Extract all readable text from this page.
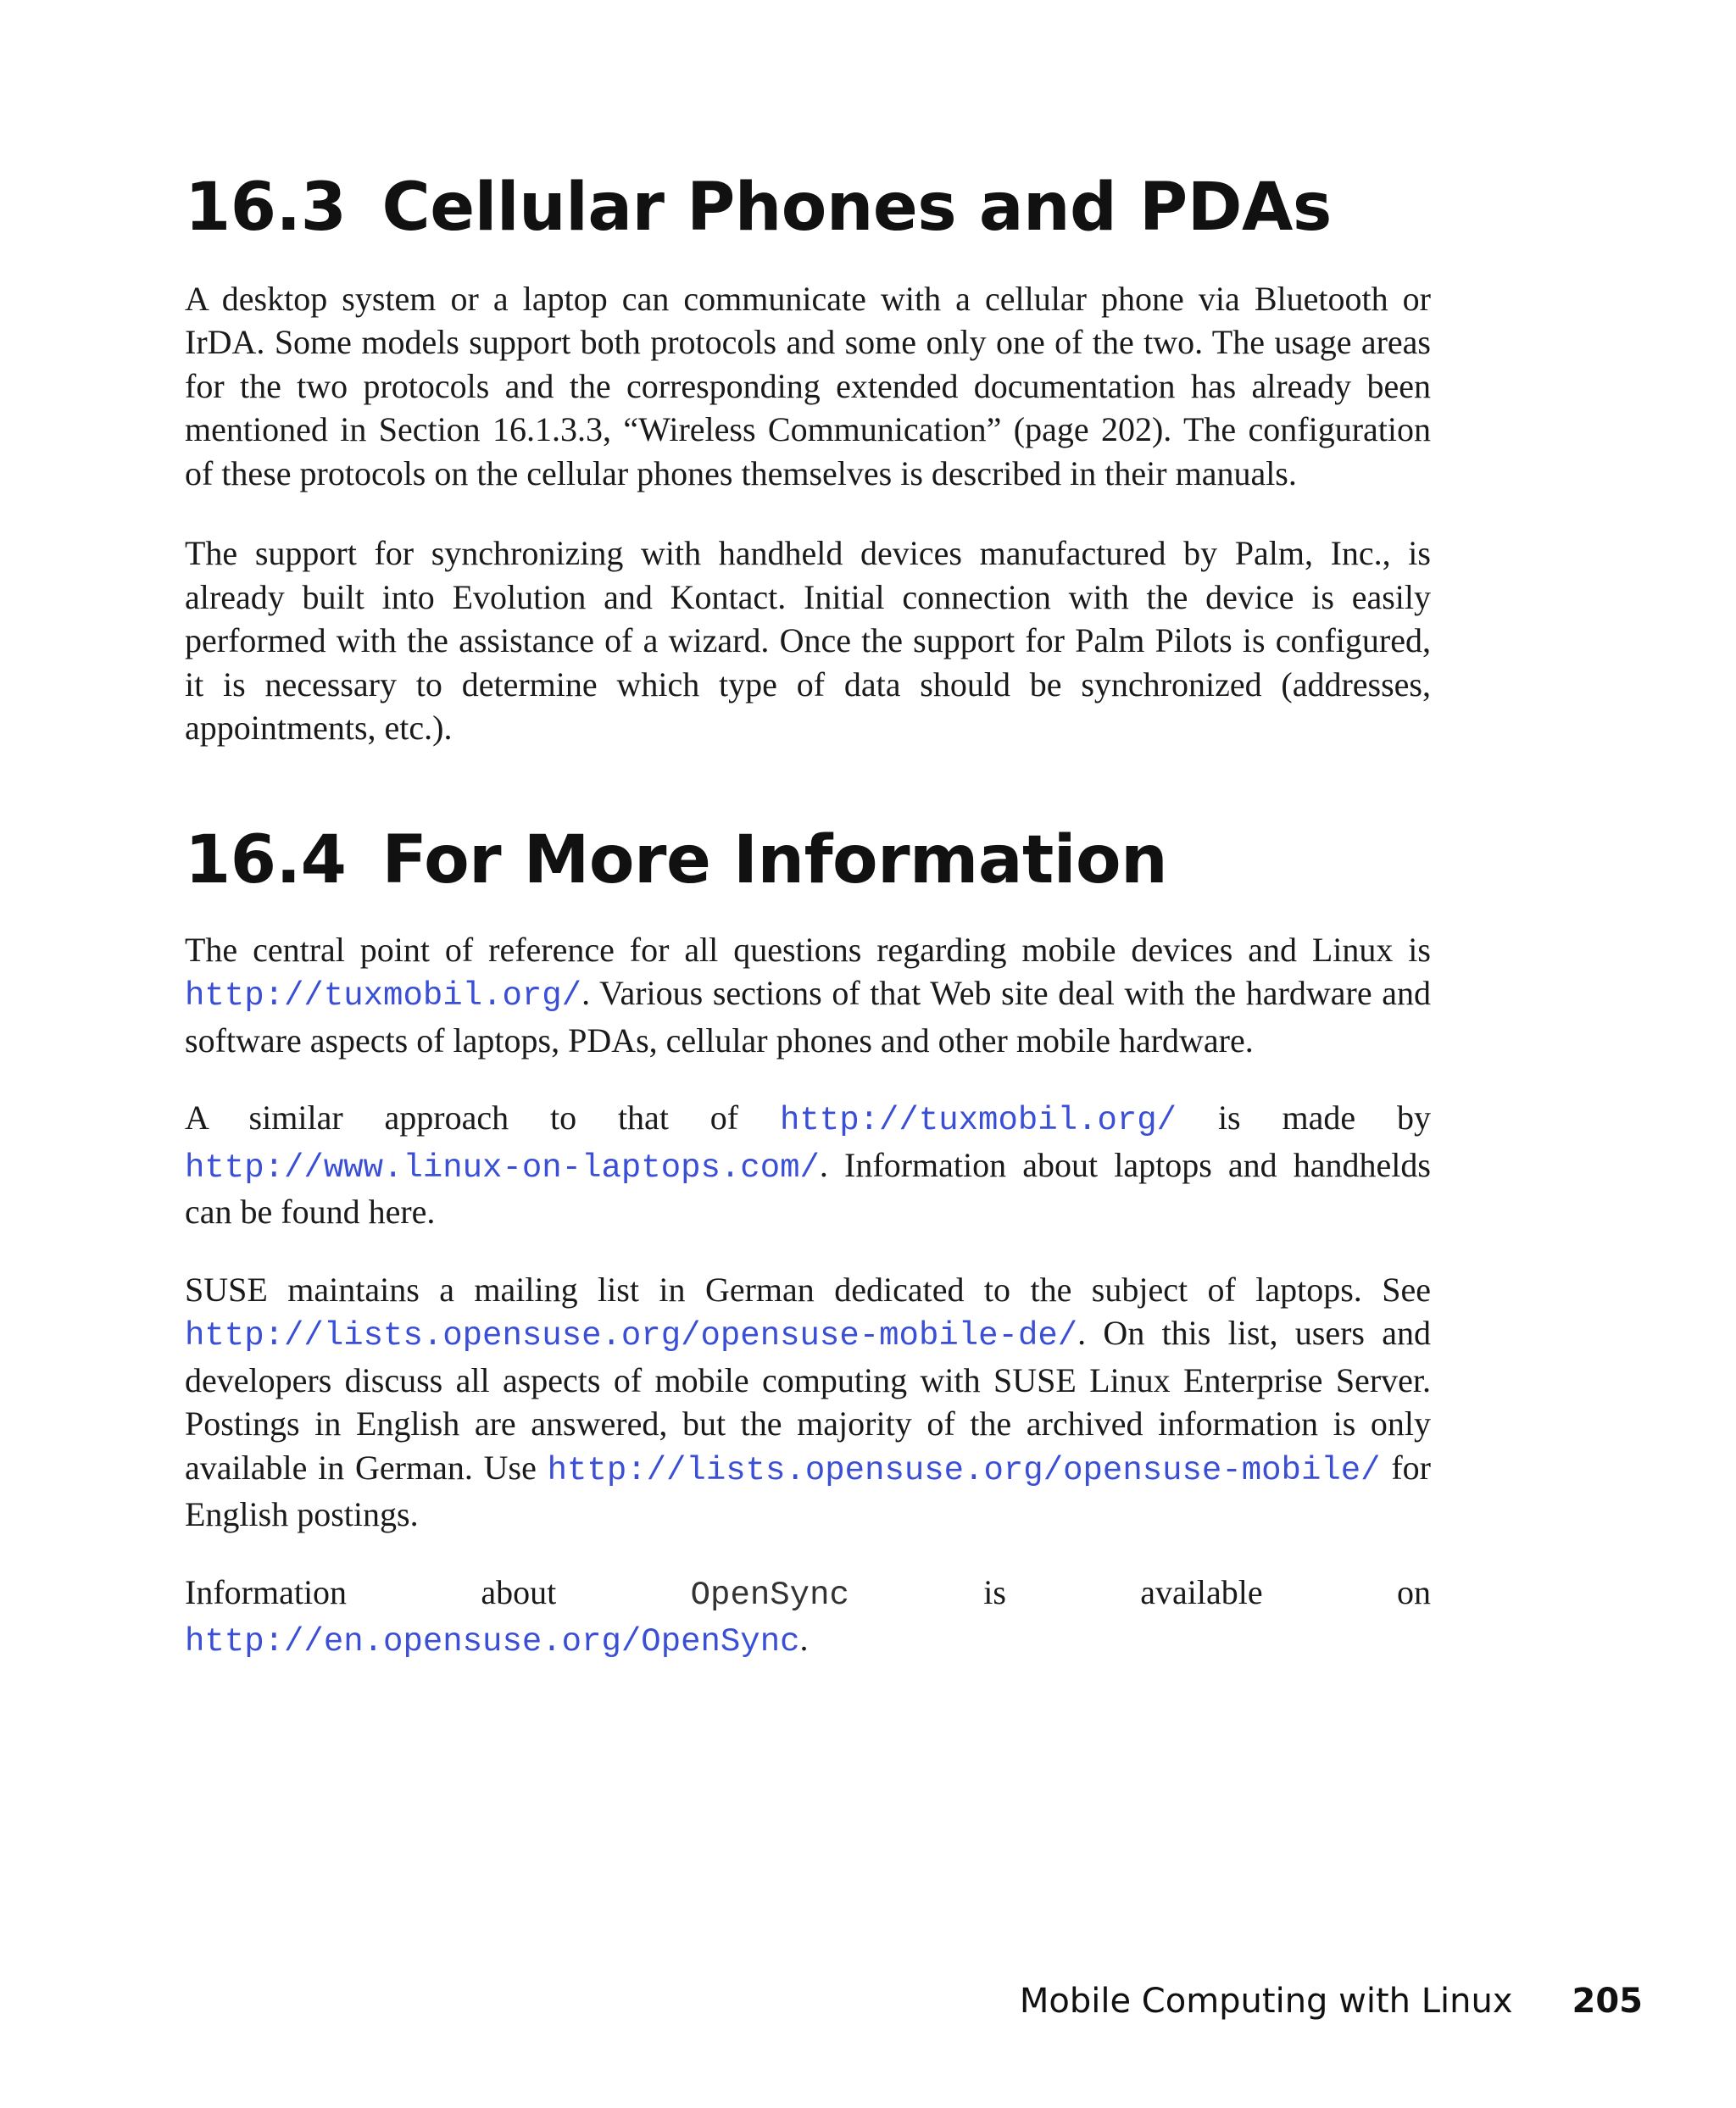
16.3 Cellular Phones and PDAs

A desktop system or a laptop can communicate with a cellular phone via Bluetooth or IrDA. Some models support both protocols and some only one of the two. The usage areas for the two protocols and the corresponding extended documentation has already been mentioned in Section 16.1.3.3, “Wireless Communication” (page 202). The configuration of these protocols on the cellular phones themselves is described in their manuals.

The support for synchronizing with handheld devices manufactured by Palm, Inc., is already built into Evolution and Kontact. Initial connection with the device is easily performed with the assistance of a wizard. Once the support for Palm Pilots is configured, it is necessary to determine which type of data should be synchronized (addresses, appointments, etc.).

16.4 For More Information

The central point of reference for all questions regarding mobile devices and Linux is http://tuxmobil.org/. Various sections of that Web site deal with the hardware and software aspects of laptops, PDAs, cellular phones and other mobile hardware.

A similar approach to that of http://tuxmobil.org/ is made by http://www.linux-on-laptops.com/. Information about laptops and handhelds can be found here.

SUSE maintains a mailing list in German dedicated to the subject of laptops. See http://lists.opensuse.org/opensuse-mobile-de/. On this list, users and developers discuss all aspects of mobile computing with SUSE Linux Enterprise Server. Postings in English are answered, but the majority of the archived information is only available in German. Use http://lists.opensuse.org/opensuse-mobile/ for English postings.

Information about OpenSync is available on http://en.opensuse.org/OpenSync.

Mobile Computing with Linux 205
